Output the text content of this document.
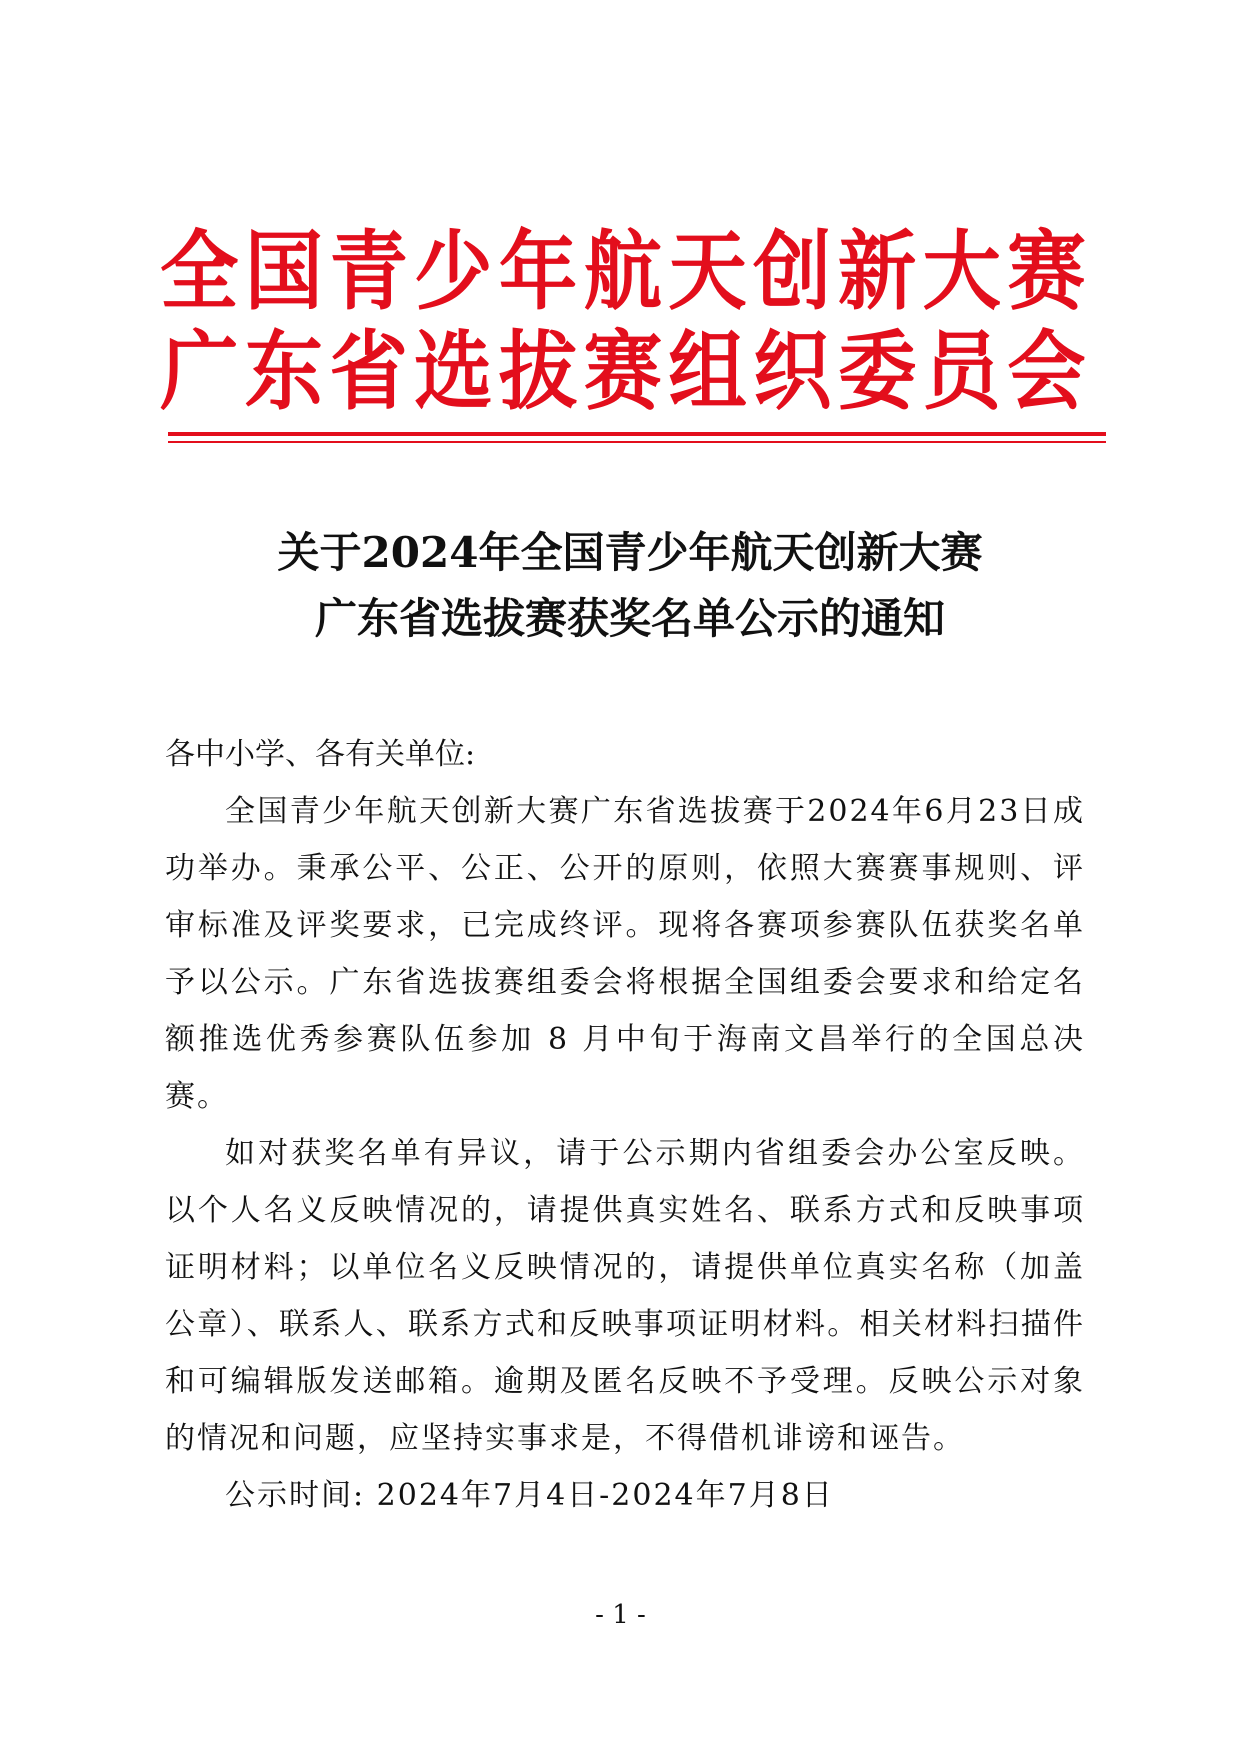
全国青少年航天创新大赛
广东省选拔赛组织委员会
关于2024年全国青少年航天创新大赛
广东省选拔赛获奖名单公示的通知
各中小学、各有关单位:

全国青少年航天创新大赛广东省选拔赛于2024年6月23日成功举办。秉承公平、公正、公开的原则，依照大赛赛事规则、评审标准及评奖要求，已完成终评。现将各赛项参赛队伍获奖名单予以公示。广东省选拔赛组委会将根据全国组委会要求和给定名额推选优秀参赛队伍参加 8 月中旬于海南文昌举行的全国总决赛。

如对获奖名单有异议，请于公示期内省组委会办公室反映。以个人名义反映情况的，请提供真实姓名、联系方式和反映事项证明材料；以单位名义反映情况的，请提供单位真实名称（加盖公章）、联系人、联系方式和反映事项证明材料。相关材料扫描件和可编辑版发送邮箱。逾期及匿名反映不予受理。反映公示对象的情况和问题，应坚持实事求是，不得借机诽谤和诬告。

公示时间: 2024年7月4日-2024年7月8日
- 1 -
